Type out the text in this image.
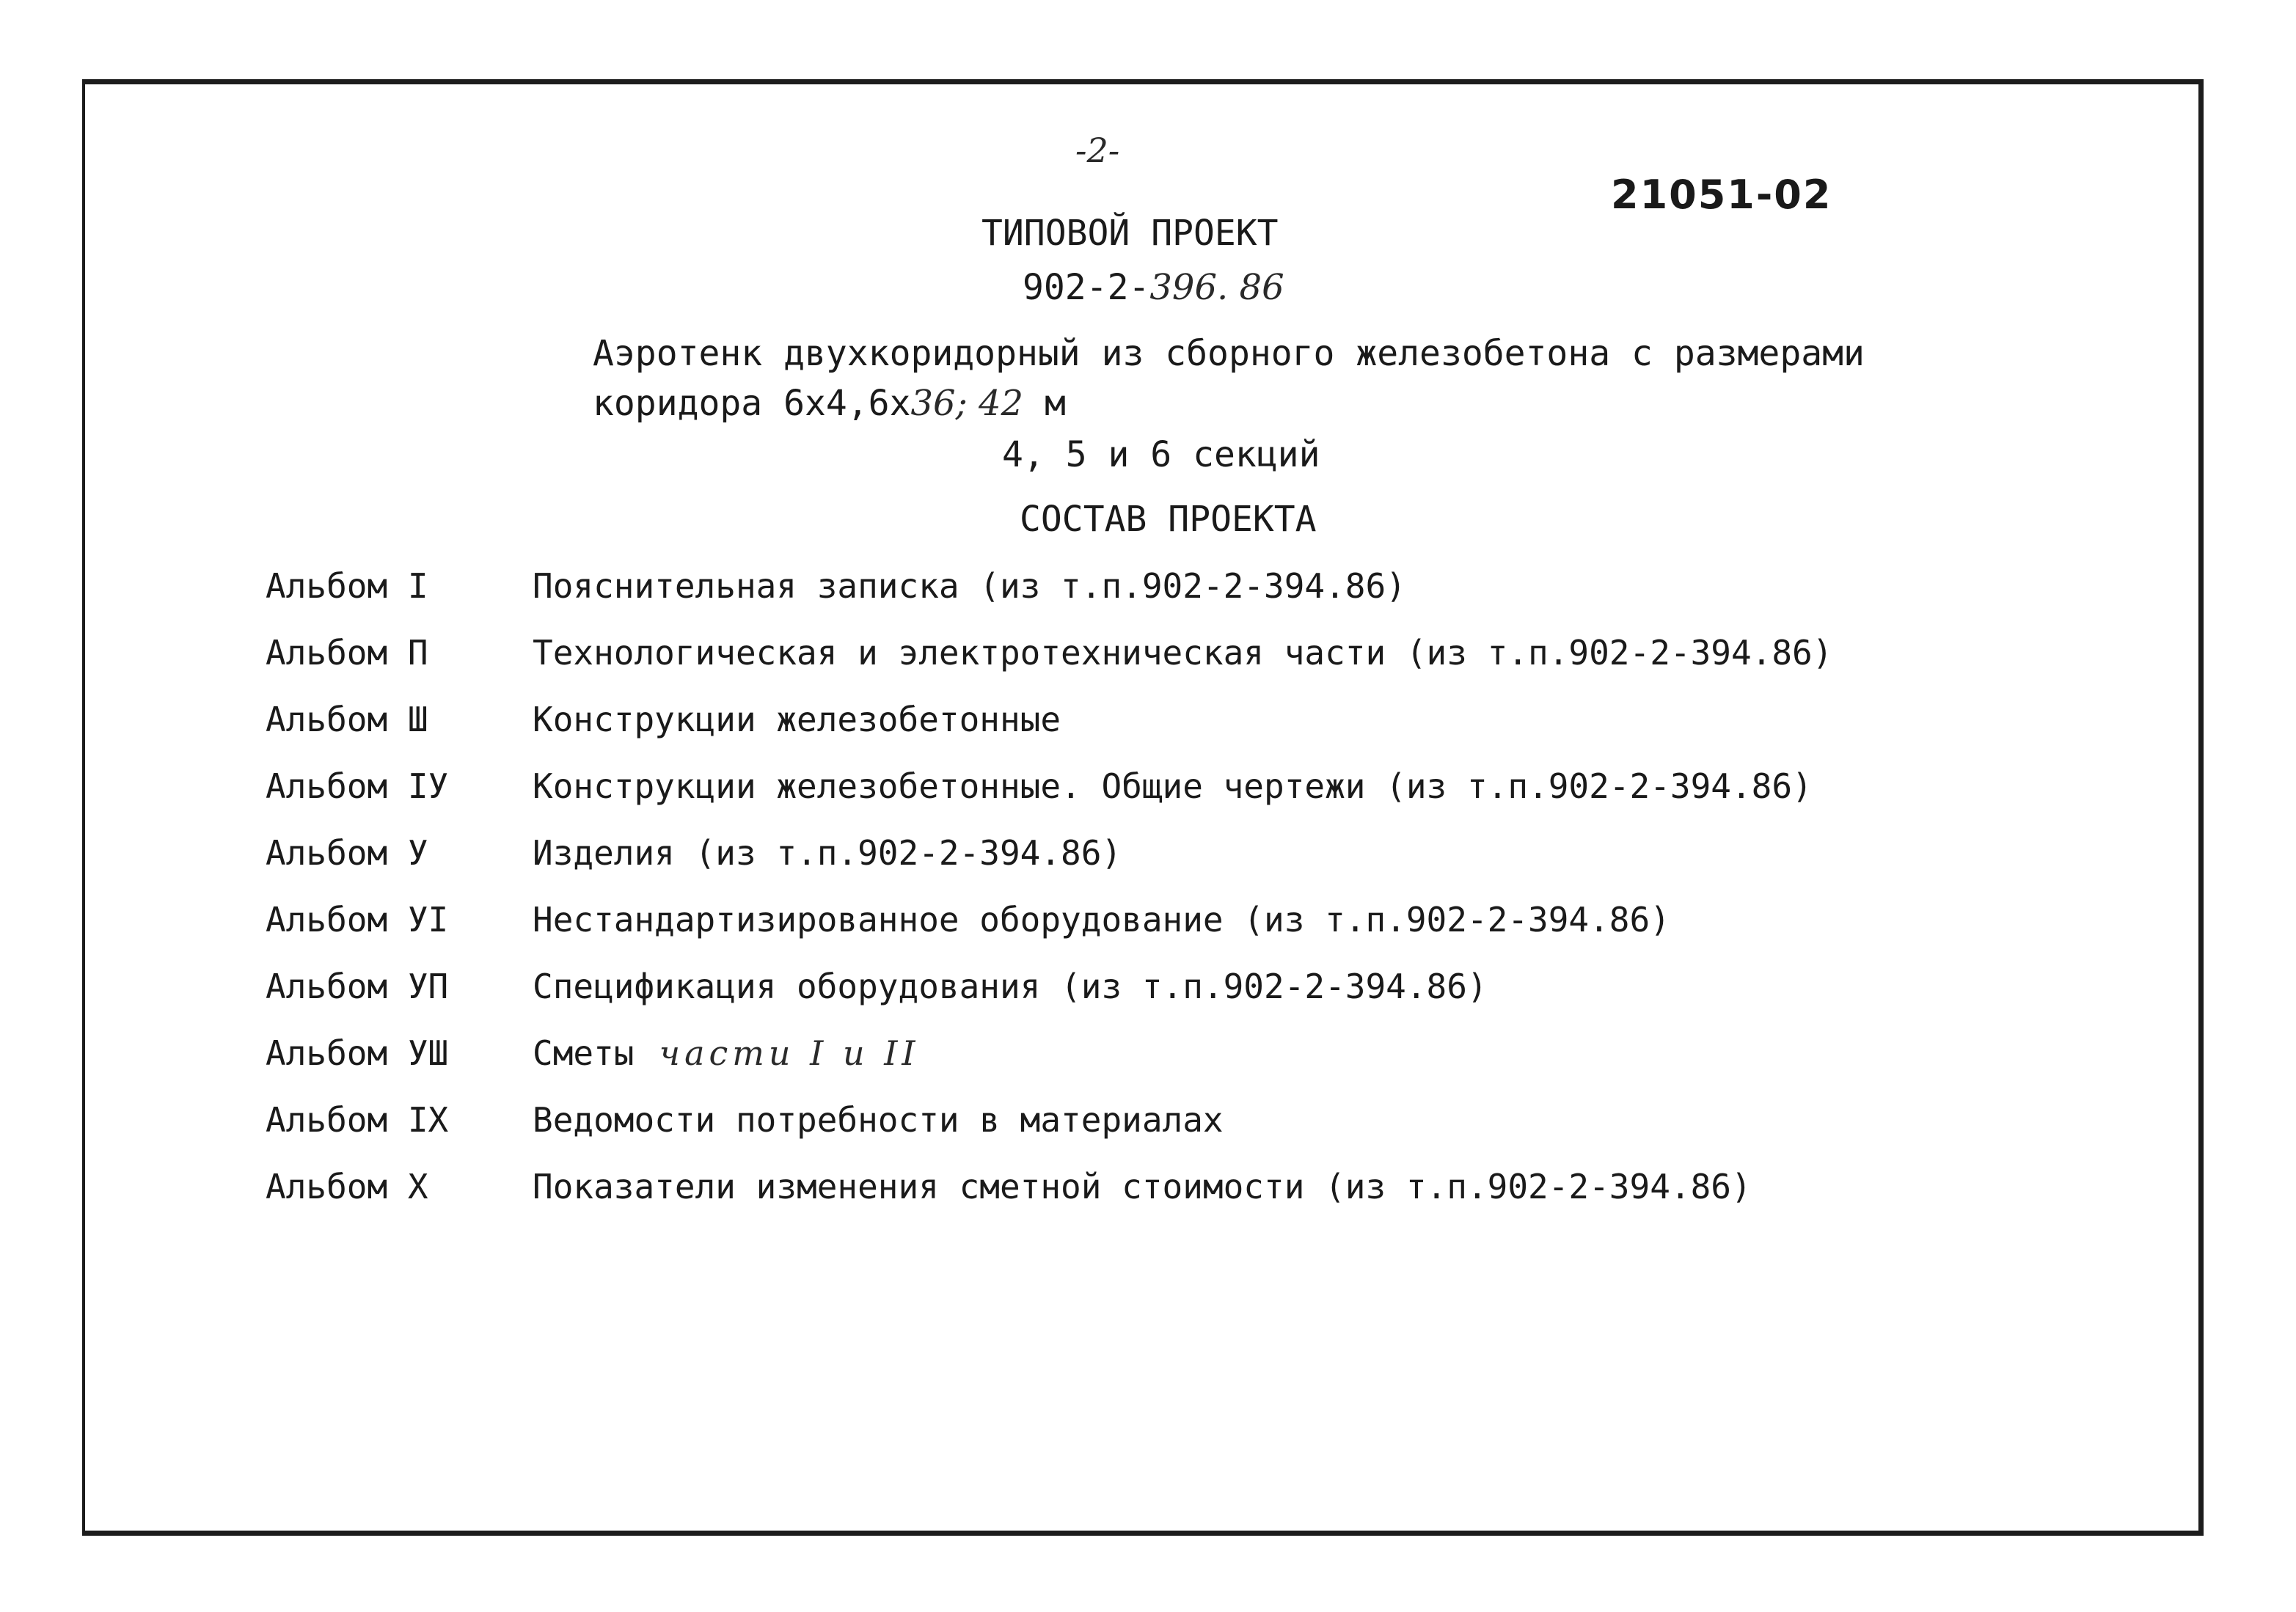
-2-
21051-02
ТИПОВОЙ ПРОЕКТ
902-2-396. 86
Аэротенк двухкоридорный из сборного железобетона с размерами
коридора 6х4,6х36; 42 м
4, 5 и 6 секций
СОСТАВ ПРОЕКТА
Альбом I	Пояснительная записка (из т.п.902-2-394.86)
Альбом П	Технологическая и электротехническая части (из т.п.902-2-394.86)
Альбом Ш	Конструкции железобетонные
Альбом IУ	Конструкции железобетонные. Общие чертежи (из т.п.902-2-394.86)
Альбом У	Изделия (из т.п.902-2-394.86)
Альбом УI	Нестандартизированное оборудование (из т.п.902-2-394.86)
Альбом УП	Спецификация оборудования (из т.п.902-2-394.86)
Альбом УШ	Сметы части I и II
Альбом IX	Ведомости потребности в материалах
Альбом X	Показатели изменения сметной стоимости (из т.п.902-2-394.86)
